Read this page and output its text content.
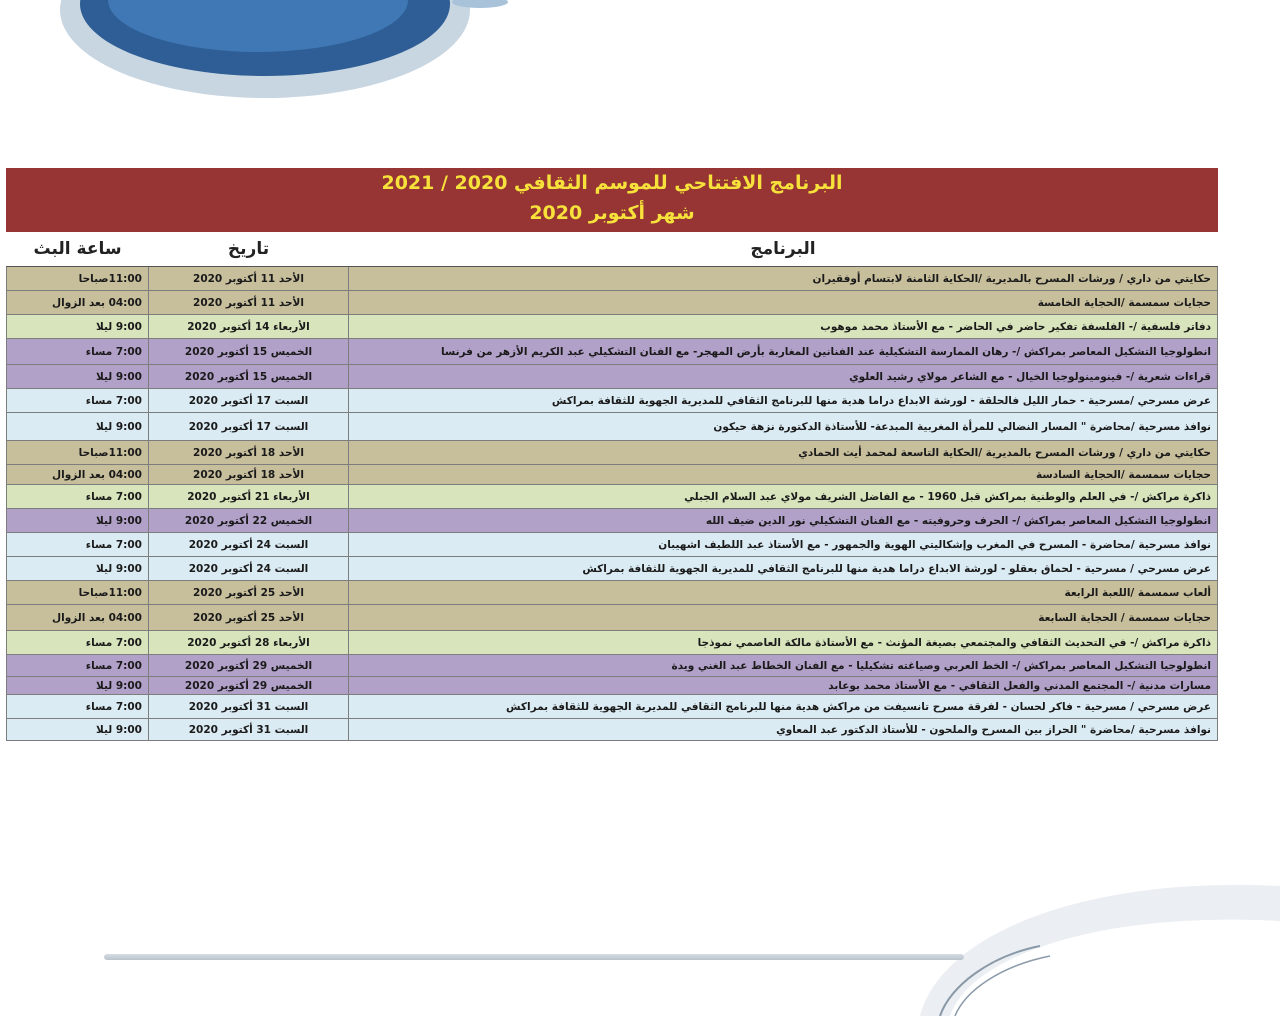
البرنامج الافتتاحي للموسم الثقافي 2020 / 2021
شهر أكتوبر 2020
ساعة البث	تاريخ	البرنامج
11:00صباحا	الأحد 11 أكتوبر 2020	حكايتي من داري / ورشات المسرح بالمديرية /الحكاية الثامنة لابتسام أوفقيران
04:00 بعد الزوال	الأحد 11 أكتوبر 2020	حجايات سمسمة /الحجاية الخامسة
9:00 ليلا	الأربعاء 14 أكتوبر 2020	دفاتر فلسفية /- الفلسفة تفكير حاضر في الحاضر - مع الأستاذ محمد موهوب
7:00 مساء	الخميس 15 أكتوبر 2020	انطولوجيا التشكيل المعاصر بمراكش /- رهان الممارسة التشكيلية عند الفنانين المغاربة بأرض المهجر- مع الفنان التشكيلي عبد الكريم الأزهر من فرنسا
9:00 ليلا	الخميس 15 أكتوبر 2020	قراءات شعرية /- فينومينولوجيا الخيال - مع الشاعر مولاي رشيد العلوي
7:00 مساء	السبت 17 أكتوبر 2020	عرض مسرحي /مسرحية - حمار الليل فالحلقة - لورشة الابداع دراما هدية منها للبرنامج الثقافي للمديرية الجهوية للثقافة بمراكش
9:00 ليلا	السبت 17 أكتوبر 2020	نوافذ مسرحية /محاضرة " المسار النضالي للمرأة المغربية المبدعة- للأستاذة الدكتورة نزهة حيكون
11:00صباحا	الأحد 18 أكتوبر 2020	حكايتي من داري / ورشات المسرح بالمديرية /الحكاية التاسعة لمحمد أيت الحمادي
04:00 بعد الزوال	الأحد 18 أكتوبر 2020	حجايات سمسمة /الحجاية السادسة
7:00 مساء	الأربعاء 21 أكتوبر 2020	ذاكرة مراكش /- في العلم والوطنية بمراكش قبل 1960 - مع الفاضل الشريف مولاي عبد السلام الجبلي
9:00 ليلا	الخميس 22 أكتوبر 2020	انطولوجيا التشكيل المعاصر بمراكش /- الحرف وحروفيته - مع الفنان التشكيلي نور الدين ضيف الله
7:00 مساء	السبت 24 أكتوبر 2020	نوافذ مسرحية /محاضرة - المسرح في المغرب وإشكاليتي الهوية والجمهور - مع الأستاذ عبد اللطيف اشهيبان
9:00 ليلا	السبت 24 أكتوبر 2020	عرض مسرحي / مسرحية - لحماق بعقلو - لورشة الابداع دراما هدية منها للبرنامج الثقافي للمديرية الجهوية للثقافة بمراكش
11:00صباحا	الأحد 25 أكتوبر 2020	ألعاب سمسمة /اللعبة الرابعة
04:00 بعد الزوال	الأحد 25 أكتوبر 2020	حجايات سمسمة / الحجاية السابعة
7:00 مساء	الأربعاء 28 أكتوبر 2020	ذاكرة مراكش /- في التحديث الثقافي والمجتمعي بصيغة المؤنث - مع الأستاذة مالكة العاصمي نموذجا
7:00 مساء	الخميس 29 أكتوبر 2020	انطولوجيا التشكيل المعاصر بمراكش /- الخط العربي وصياغته تشكيليا - مع الفنان الخطاط عبد الغني ويدة
9:00 ليلا	الخميس 29 أكتوبر 2020	مسارات مدنية /- المجتمع المدني والفعل الثقافي - مع الأستاذ محمد بوعابد
7:00 مساء	السبت 31 أكتوبر 2020	عرض مسرحي / مسرحية - فاكر لحسان - لفرقة مسرح تانسيفت من مراكش هدية منها للبرنامج الثقافي للمديرية الجهوية للثقافة بمراكش
9:00 ليلا	السبت 31 أكتوبر 2020	نوافذ مسرحية /محاضرة " الحراز بين المسرح والملحون - للأستاذ الدكتور عبد المعاوي
